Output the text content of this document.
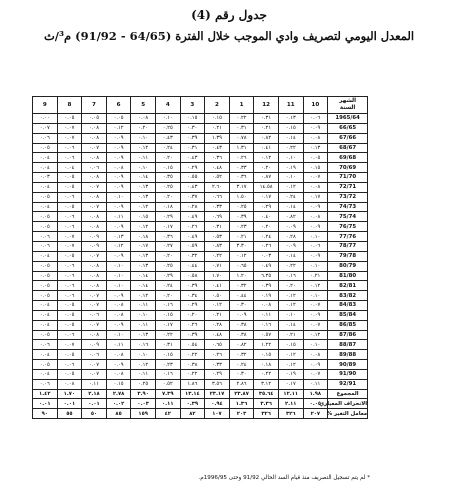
جدول رقم (4)
المعدل اليومي لتصريف وادي الموجب خلال الفترة (64/65 - 91/92) م³/ث
الشهر
السنة	10	11	12	1	2	3	4	5	6	7	8	9
1965/64	٠.٠٦	٠.١٣	٠.٣١	٠.٢٢	٠.١٥	٠.١٥	٠.١٠	٠.٠٨	٠.٠٥	٠.٠٥	٠.٠٥	٠.٠٠
66/65	٠.٠٩	٠.١٥	٠.٢١	٠.٣١	٠.٢١	٠.٣٠	٠.٢٥	٠.٢٠	٠.١٢	٠.٠٨	٠.٠٧	٠.٠٧
67/66	٠.٠٨	٠.١٤	٠.٨٢	٠.٧٨	١.٣٩	٠.٣٩	٠.٤٣	٠.١٠	٠.٠٩	٠.٠٨	٠.٠٧	٠.٠٦
68/67	٠.١٣	٠.٢٢	٠.٤١	١.٣١	٠.٤٣	٠.٣١	٠.٢٤	٠.١٢	٠.٠٩	٠.٠٧	٠.٠٦	٠.٠٥
69/68	٠.٠٥	٠.١٠	٠.١٢	٠.٢٦	٠.٣٦	٠.٤٣	٠.٢٠	٠.١١	٠.٠٩	٠.٠٨	٠.٠٦	٠.٠٤
70/69	٠.١٥	٠.١٩	٠.٢٠	٠.٣٣	٠.٤٨	٠.٢٩	٠.١٥	٠.١٠	٠.٠٨	٠.٠٦	٠.٠٤	٠.٠٤
71/70	٠.٠٧	٠.١٠	٠.٨٧	٠.٣٦	٠.٥٢	٠.٥٥	٠.٣٥	٠.١٤	٠.٠٩	٠.٠٨	٠.٠٥	٠.٠٣
72/71	٠.٠٨	٠.١٢	١٤.٥٨	٣.١٧	٢.٦٠	٠.٤٣	٠.٢٥	٠.١٣	٠.٠٩	٠.٠٧	٠.٠٥	٠.٠٤
73/72	٠.١٧	٠.٢٤	٠.١٧	١.٥٠	٠.٦٦	٠.٣٧	٠.٢٠	٠.١٣	٠.١٠	٠.٠٨	٠.٠٦	٠.٠٥
74/73	٠.٠٩	٠.١٤	٠.٢٩	٠.٢٥	٠.٣٣	٠.٢٨	٠.١٨	٠.١٢	٠.٠٩	٠.٠٧	٠.٠٥	٠.٠٤
75/74	٠.٠٨	٠.٨٢	٠.٤٠	٠.٣٩	٠.٦٩	٠.٤٩	٠.٢٩	٠.١٥	٠.١١	٠.٠٨	٠.٠٦	٠.٠٥
76/75	٠.٠٩	٠.٠٩	٠.٢٠	٠.٢٣	٠.٣١	٠.٢٦	٠.١٧	٠.١٢	٠.٠٩	٠.٠٨	٠.٠٦	٠.٠٥
77/76	٠.١٠	٠.٢٨	٠.٢٤	٠.٢١	٠.٥٣	٠.٤٩	٠.٣٦	٠.١٨	٠.١٣	٠.٠٩	٠.٠٧	٠.٠٦
78/77	٠.٠٦	٠.٠٩	٠.٢٦	٣.٣٠	٠.٨٣	٠.٥٩	٠.٢٧	٠.١٧	٠.١٢	٠.٠٩	٠.٠٧	٠.٠٦
79/78	٠.٠٩	٠.١٤	٠.٠٣	٠.١٢	٠.٢٢	٠.٣٢	٠.٢٠	٠.١٣	٠.٠٩	٠.٠٧	٠.٠٥	٠.٠٤
80/79	٠.١٠	٠.٢٢	٠.٤٩	٠.٦٥	٠.٧١	٠.٤٤	٠.٢٥	٠.١٣	٠.١٠	٠.٠٨	٠.٠٦	٠.٠٥
81/80	٠.٢١	٠.١٦	٦.٣٥	١.٢٠	١.٧٠	٠.٥٨	٠.٢٩	٠.١٤	٠.١٠	٠.٠٨	٠.٠٦	٠.٠٥
82/81	٠.١٢	٠.٢٠	٠.٣٩	٠.٣٢	٠.٤١	٠.٣٩	٠.٢٤	٠.١٤	٠.١٠	٠.٠٨	٠.٠٦	٠.٠٥
83/82	٠.١٠	٠.١٢	٠.١٩	٠.٤٤	٠.٥٠	٠.٣٤	٠.٢٠	٠.١٢	٠.٠٩	٠.٠٧	٠.٠٦	٠.٠٥
84/83	٠.٠٧	٠.١٢	٠.٠٨	٠.٣٠	٠.١٢	٠.٢٩	٠.١٦	٠.١١	٠.٠٨	٠.٠٧	٠.٠٥	٠.٠٤
85/84	٠.٠٩	٠.١٠	٠.١١	٠.٠٩	٠.٢١	٠.٢٠	٠.١٥	٠.١٠	٠.٠٨	٠.٠٦	٠.٠٥	٠.٠٤
86/85	٠.٠٧	٠.١٤	٠.١٦	٠.٣٨	٠.٢٨	٠.٢٦	٠.١٧	٠.١١	٠.٠٩	٠.٠٧	٠.٠٥	٠.٠٤
87/86	٠.١٢	٠.٢١	٠.٥٧	٠.٣٨	٠.٤٨	٠.٣٩	٠.٢٢	٠.١٣	٠.١٠	٠.٠٨	٠.٠٦	٠.٠٥
88/87	٠.١٠	٠.١٥	١.٢٢	٠.٨٢	٠.٦٥	٠.٥٤	٠.٣١	٠.١٦	٠.١١	٠.٠٩	٠.٠٧	٠.٠٦
89/88	٠.٠٨	٠.١٢	٠.١٥	٠.٣٢	٠.٢٦	٠.٢٢	٠.١٥	٠.١٠	٠.٠٨	٠.٠٦	٠.٠٥	٠.٠٤
90/89	٠.٠٩	٠.١٢	٠.١٨	٠.٢٤	٠.٣٣	٠.٣٨	٠.٢٣	٠.١٢	٠.٠٩	٠.٠٧	٠.٠٦	٠.٠٥
91/90	٠.٠٧	٠.١٩	٠.٢٢	٠.٣٠	٠.٢٩	٠.٢٢	٠.١٦	٠.١١	٠.٠٨	٠.٠٧	٠.٠٥	٠.٠٤
92/91	٠.١١	٠.١٧	٣.١٢	٢.٨٦	٣.٥٦	١.٨٦	٠.٥٢	٠.٢٥	٠.١٥	٠.١١	٠.٠٨	٠.٠٦
المجموع	١.٩٨	١٢.١١	٣٥.٦٤	٢٣.٨٧	٢٣.١٧	١٣.١٤	٧.٣٩	٣.٩٠	٢.٧٨	٢.١٨	١.٧٠	١.٤٢
الانحراف المعياري	٠.٠٥	٢.١١	٣.٣٦	١.٣٦	٠.٩٤	٠.٣٩	٠.١١	٠.٠٣	٠.٠٢	٠.٠١	٠.٠١	٠.٠١
معامل التغير %	٢٠٧	٣٢٦	٣٢٦	٢٠٣	١٠٧	٨٢	٤٢	١٥٩	٨٥	٥٠	٥٥	٩٠
* لم يتم تسجيل التصريف منذ قيام السد الحالي 91/92 وحتى 1996/95م.
